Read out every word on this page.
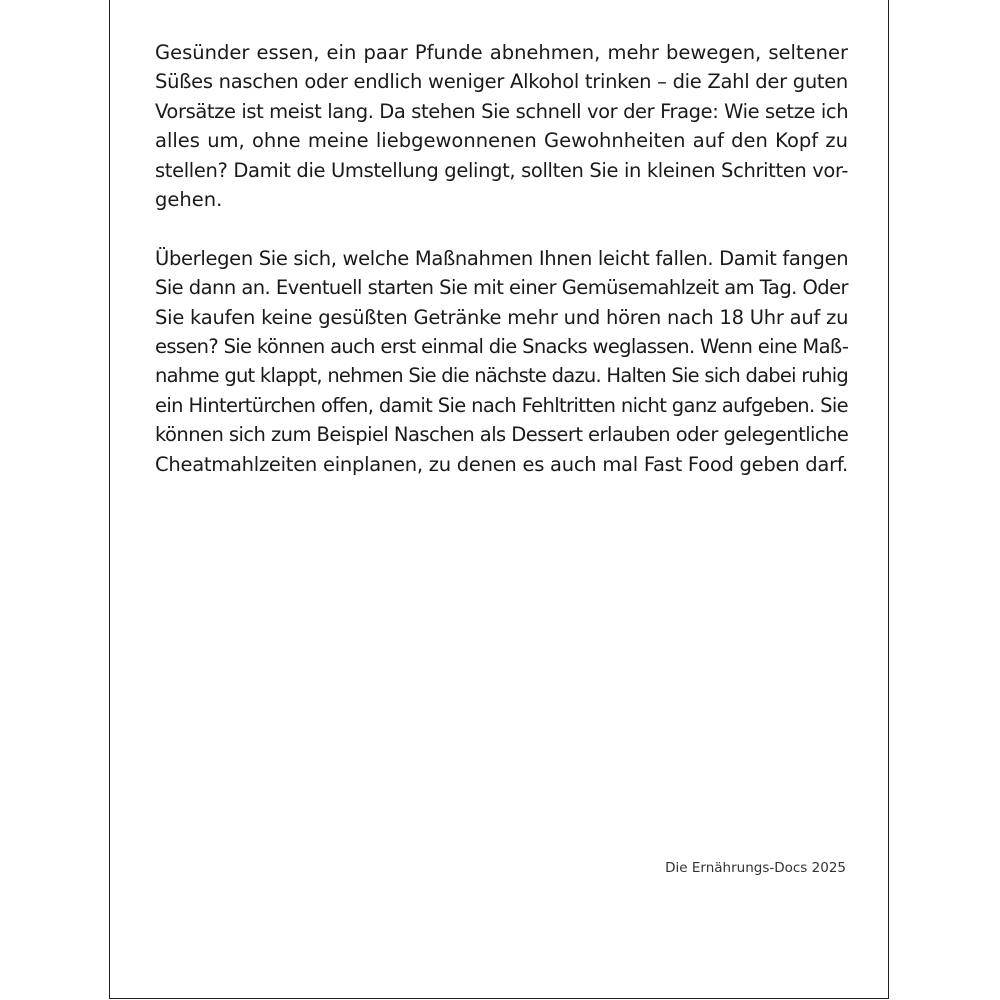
Gesünder essen, ein paar Pfunde abnehmen, mehr bewegen, seltener
Süßes naschen oder endlich weniger Alkohol trinken – die Zahl der guten
Vorsätze ist meist lang. Da stehen Sie schnell vor der Frage: Wie setze ich
alles um, ohne meine liebgewonnenen Gewohnheiten auf den Kopf zu
stellen? Damit die Umstellung gelingt, sollten Sie in kleinen Schritten vor-
gehen.
Überlegen Sie sich, welche Maßnahmen Ihnen leicht fallen. Damit fangen
Sie dann an. Eventuell starten Sie mit einer Gemüsemahlzeit am Tag. Oder
Sie kaufen keine gesüßten Getränke mehr und hören nach 18 Uhr auf zu
essen? Sie können auch erst einmal die Snacks weglassen. Wenn eine Maß-
nahme gut klappt, nehmen Sie die nächste dazu. Halten Sie sich dabei ruhig
ein Hintertürchen offen, damit Sie nach Fehltritten nicht ganz aufgeben. Sie
können sich zum Beispiel Naschen als Dessert erlauben oder gelegentliche
Cheatmahlzeiten einplanen, zu denen es auch mal Fast Food geben darf.
Die Ernährungs-Docs 2025
